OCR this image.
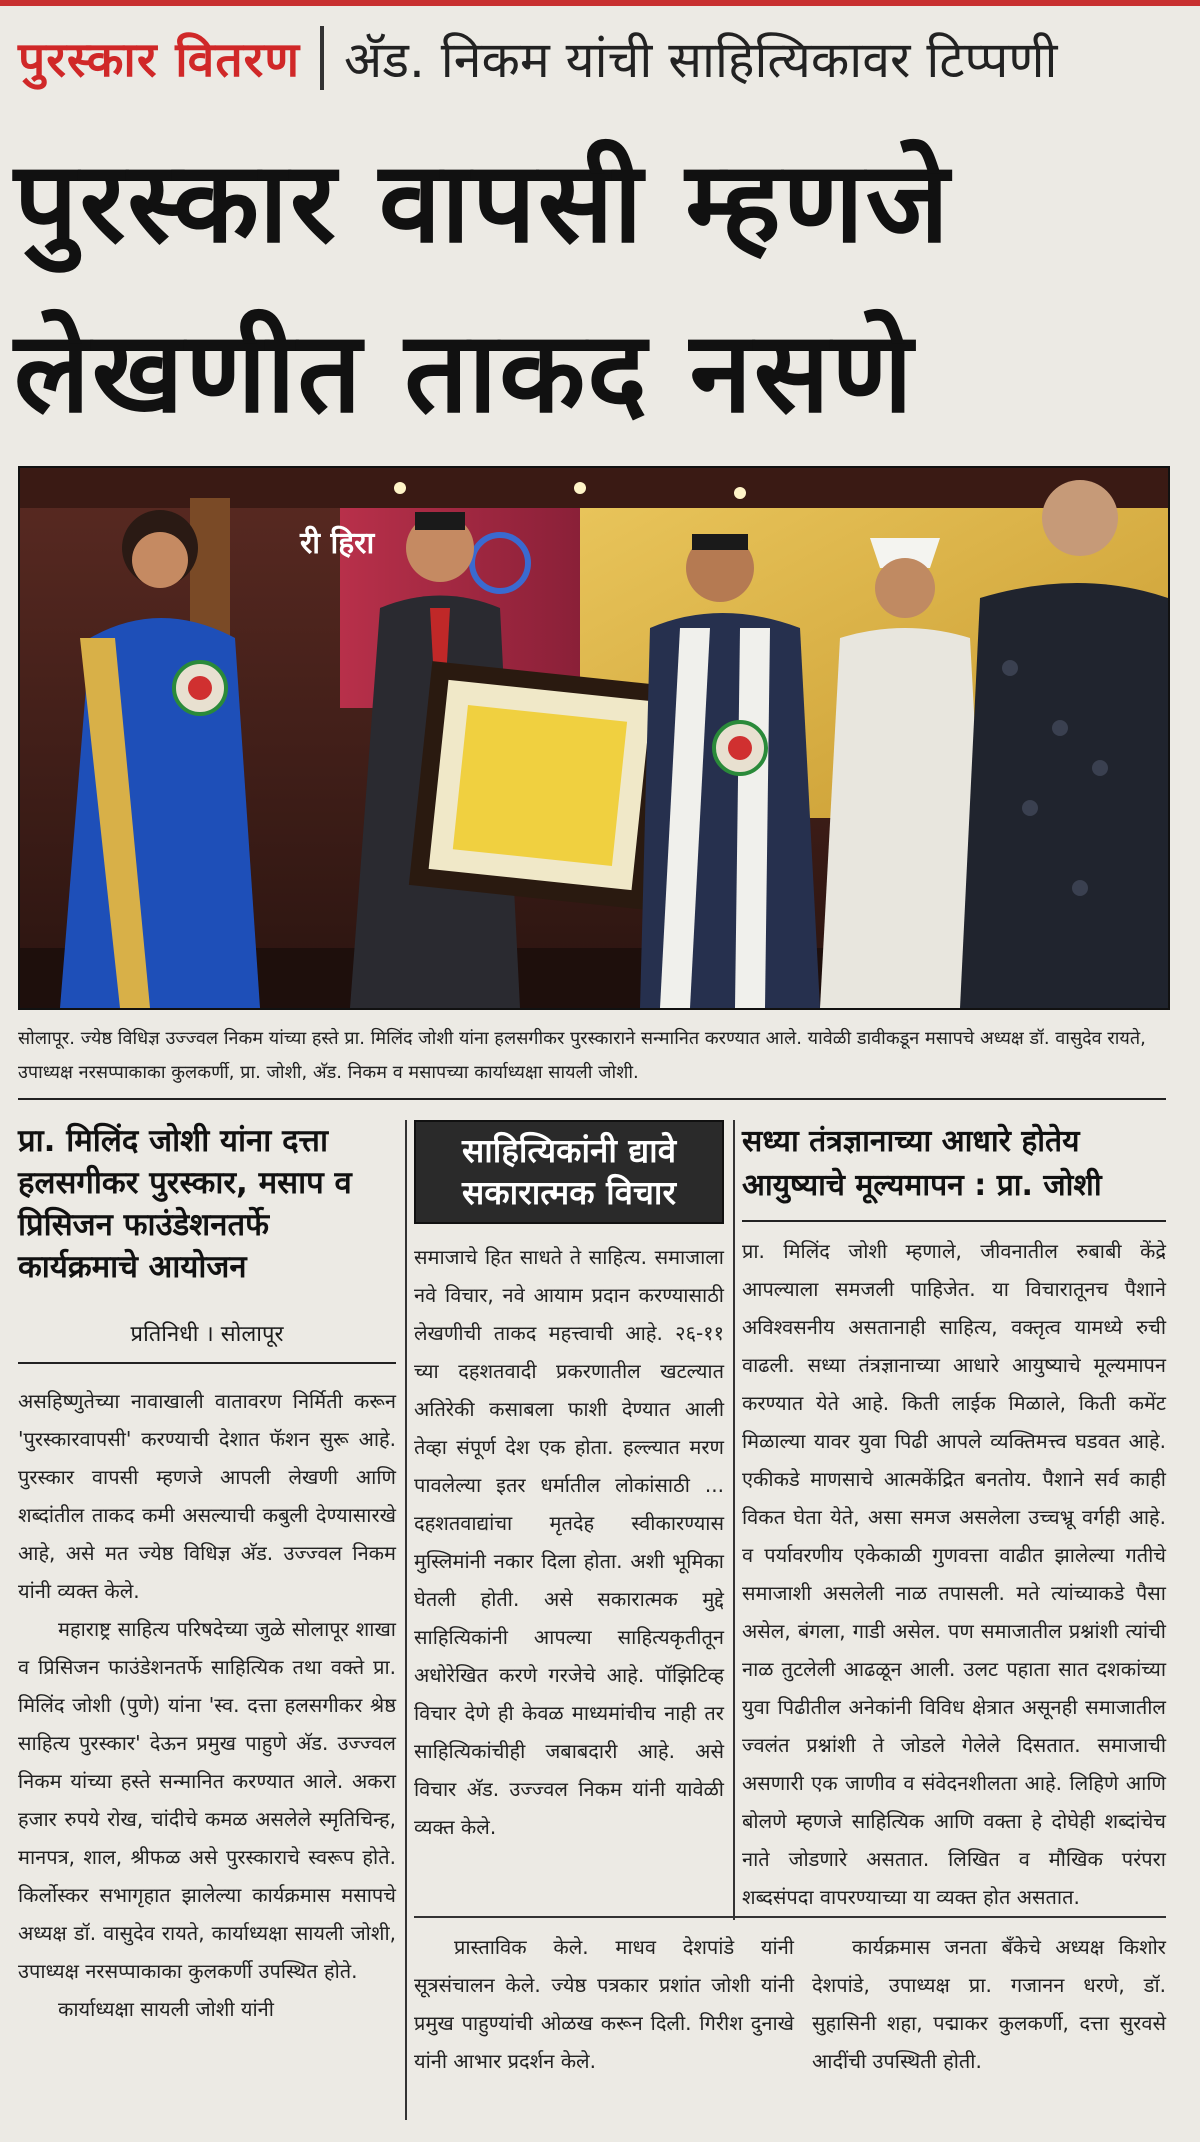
पुरस्कार वितरण अ‍ॅड. निकम यांची साहित्यिकावर टिप्पणी
पुरस्कार वापसी म्हणजे
लेखणीत ताकद नसणे
री हिरा
सोलापूर. ज्येष्ठ विधिज्ञ उज्ज्वल निकम यांच्या हस्ते प्रा. मिलिंद जोशी यांना हलसगीकर पुरस्काराने सन्मानित करण्यात आले. यावेळी डावीकडून मसापचे अध्यक्ष डॉ. वासुदेव रायते, उपाध्यक्ष नरसप्पाकाका कुलकर्णी, प्रा. जोशी, अ‍ॅड. निकम व मसापच्या कार्याध्यक्षा सायली जोशी.
प्रा. मिलिंद जोशी यांना दत्ता हलसगीकर पुरस्कार, मसाप व प्रिसिजन फाउंडेशनतर्फे कार्यक्रमाचे आयोजन
प्रतिनिधी । सोलापूर
असहिष्णुतेच्या नावाखाली वातावरण निर्मिती करून 'पुरस्कारवापसी' करण्याची देशात फॅशन सुरू आहे. पुरस्कार वापसी म्हणजे आपली लेखणी आणि शब्दांतील ताकद कमी असल्याची कबुली देण्यासारखे आहे, असे मत ज्येष्ठ विधिज्ञ अ‍ॅड. उज्ज्वल निकम यांनी व्यक्त केले.
महाराष्ट्र साहित्य परिषदेच्या जुळे सोलापूर शाखा व प्रिसिजन फाउंडेशनतर्फे साहित्यिक तथा वक्ते प्रा. मिलिंद जोशी (पुणे) यांना 'स्व. दत्ता हलसगीकर श्रेष्ठ साहित्य पुरस्कार' देऊन प्रमुख पाहुणे अ‍ॅड. उज्ज्वल निकम यांच्या हस्ते सन्मानित करण्यात आले. अकरा हजार रुपये रोख, चांदीचे कमळ असलेले स्मृतिचिन्ह, मानपत्र, शाल, श्रीफळ असे पुरस्काराचे स्वरूप होते. किर्लोस्कर सभागृहात झालेल्या कार्यक्रमास मसापचे अध्यक्ष डॉ. वासुदेव रायते, कार्याध्यक्षा सायली जोशी, उपाध्यक्ष नरसप्पाकाका कुलकर्णी उपस्थित होते.
कार्याध्यक्षा सायली जोशी यांनी
साहित्यिकांनी द्यावे सकारात्मक विचार
समाजाचे हित साधते ते साहित्य. समाजाला नवे विचार, नवे आयाम प्रदान करण्यासाठी लेखणीची ताकद महत्त्वाची आहे. २६-११ च्या दहशतवादी प्रकरणातील खटल्यात अतिरेकी कसाबला फाशी देण्यात आली तेव्हा संपूर्ण देश एक होता. हल्ल्यात मरण पावलेल्या इतर धर्मातील लोकांसाठी ... दहशतवाद्यांचा मृतदेह स्वीकारण्यास मुस्लिमांनी नकार दिला होता. अशी भूमिका घेतली होती. असे सकारात्मक मुद्दे साहित्यिकांनी आपल्या साहित्यकृतीतून अधोरेखित करणे गरजेचे आहे. पॉझिटिव्ह विचार देणे ही केवळ माध्यमांचीच नाही तर साहित्यिकांचीही जबाबदारी आहे. असे विचार अ‍ॅड. उज्ज्वल निकम यांनी यावेळी व्यक्त केले.
सध्या तंत्रज्ञानाच्या आधारे होतेय आयुष्याचे मूल्यमापन : प्रा. जोशी
प्रा. मिलिंद जोशी म्हणाले, जीवनातील रुबाबी केंद्रे आपल्याला समजली पाहिजेत. या विचारातूनच पैशाने अविश्वसनीय असतानाही साहित्य, वक्तृत्व यामध्ये रुची वाढली. सध्या तंत्रज्ञानाच्या आधारे आयुष्याचे मूल्यमापन करण्यात येते आहे. किती लाईक मिळाले, किती कमेंट मिळाल्या यावर युवा पिढी आपले व्यक्तिमत्त्व घडवत आहे. एकीकडे माणसाचे आत्मकेंद्रित बनतोय. पैशाने सर्व काही विकत घेता येते, असा समज असलेला उच्चभ्रू वर्गही आहे. व पर्यावरणीय एकेकाळी गुणवत्ता वाढीत झालेल्या गतीचे समाजाशी असलेली नाळ तपासली. मते त्यांच्याकडे पैसा असेल, बंगला, गाडी असेल. पण समाजातील प्रश्नांशी त्यांची नाळ तुटलेली आढळून आली. उलट पहाता सात दशकांच्या युवा पिढीतील अनेकांनी विविध क्षेत्रात असूनही समाजातील ज्वलंत प्रश्नांशी ते जोडले गेलेले दिसतात. समाजाची असणारी एक जाणीव व संवेदनशीलता आहे. लिहिणे आणि बोलणे म्हणजे साहित्यिक आणि वक्ता हे दोघेही शब्दांचेच नाते जोडणारे असतात. लिखित व मौखिक परंपरा शब्दसंपदा वापरण्याच्या या व्यक्त होत असतात.
प्रास्ताविक केले. माधव देशपांडे यांनी सूत्रसंचालन केले. ज्येष्ठ पत्रकार प्रशांत जोशी यांनी प्रमुख पाहुण्यांची ओळख करून दिली. गिरीश दुनाखे यांनी आभार प्रदर्शन केले.
कार्यक्रमास जनता बँकेचे अध्यक्ष किशोर देशपांडे, उपाध्यक्ष प्रा. गजानन धरणे, डॉ. सुहासिनी शहा, पद्माकर कुलकर्णी, दत्ता सुरवसे आदींची उपस्थिती होती.
